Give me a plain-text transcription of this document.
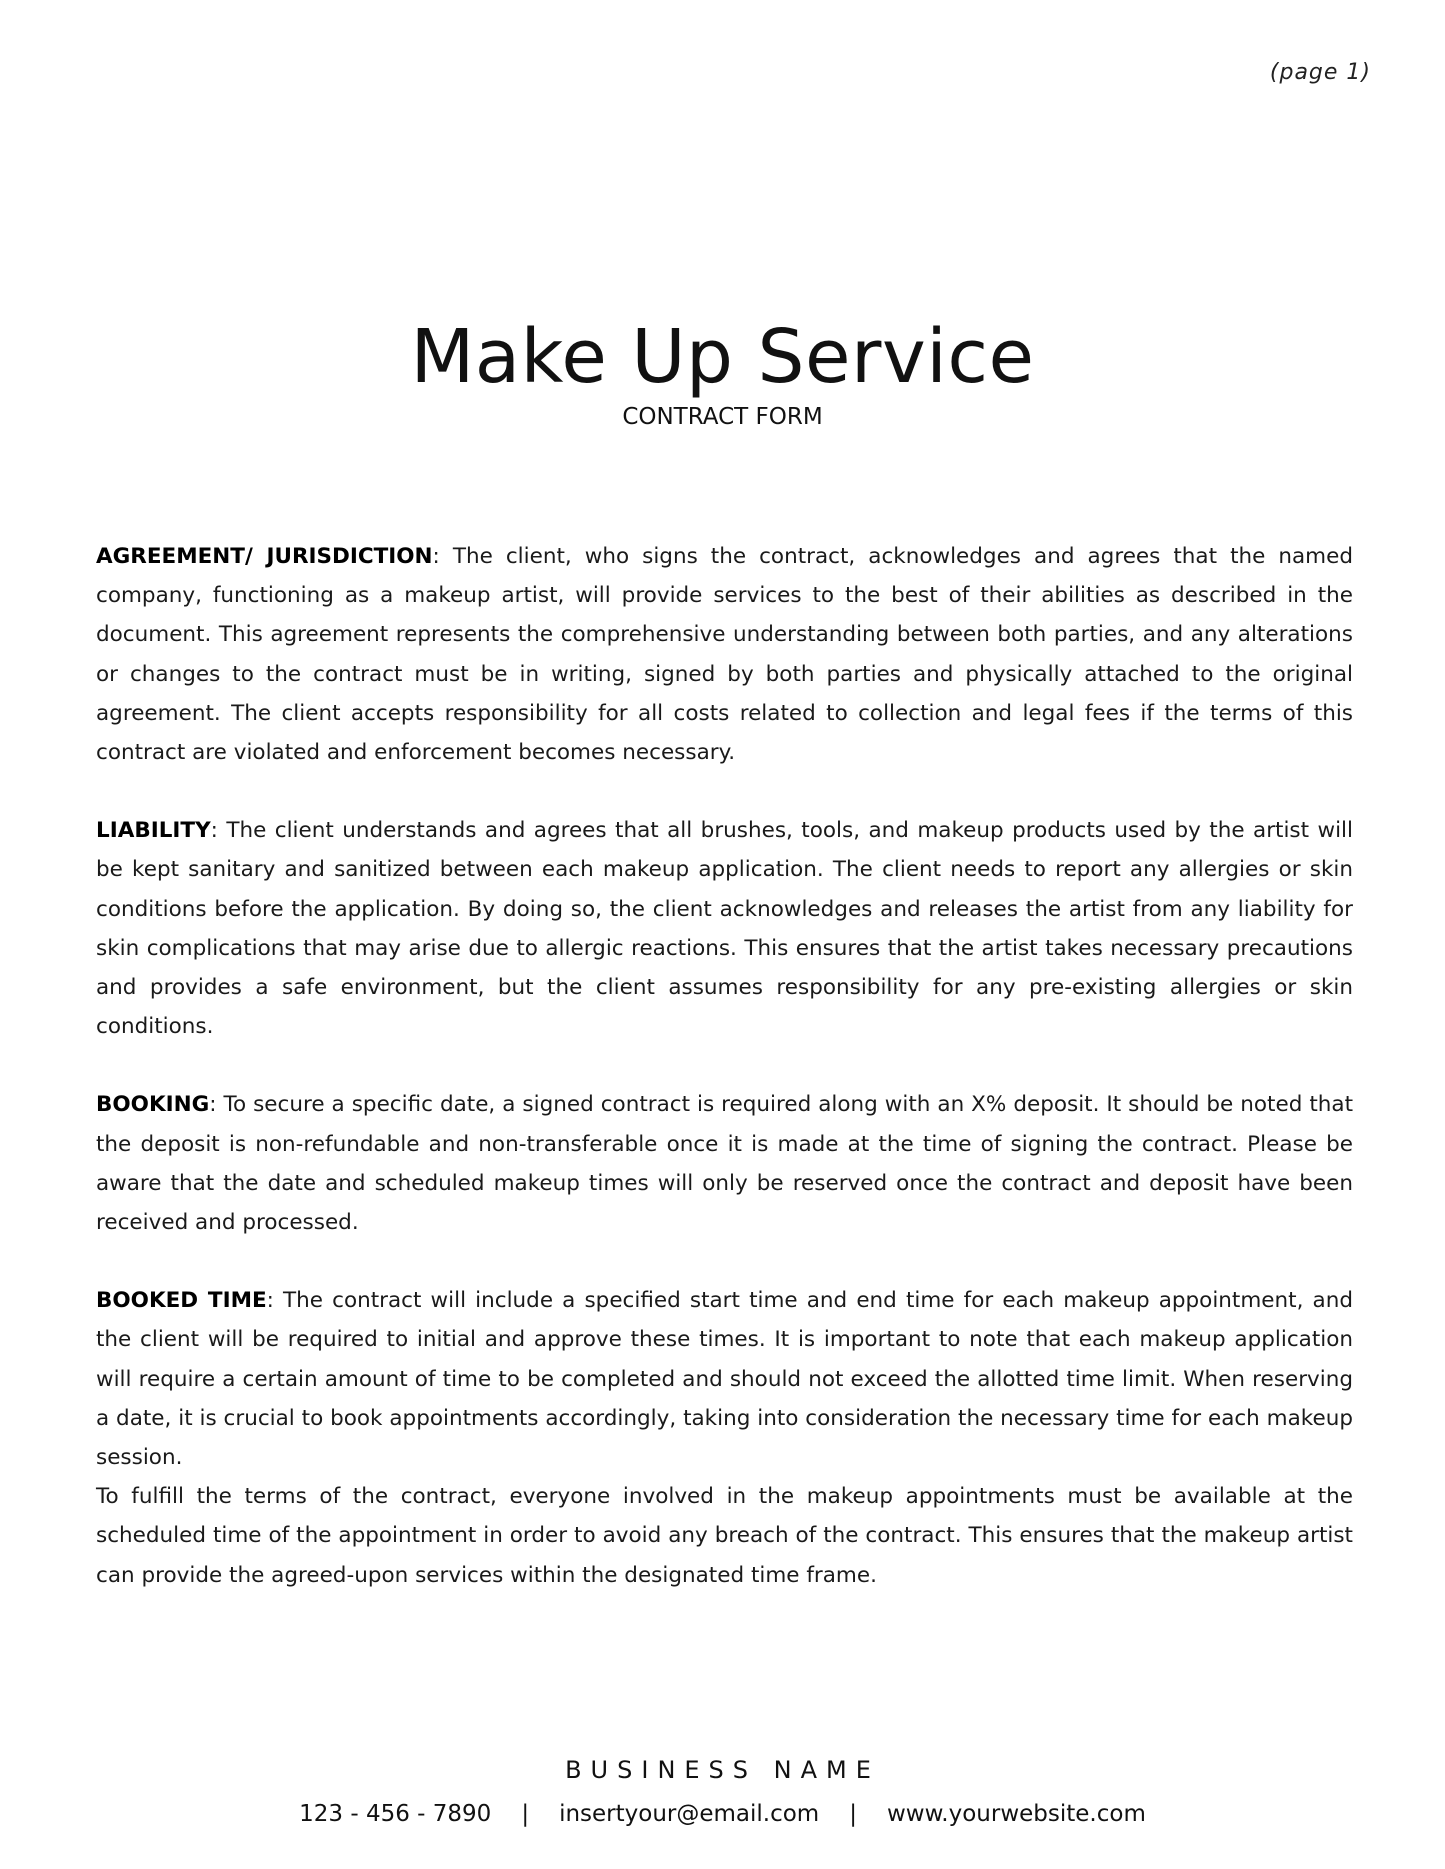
(page 1)
Make Up Service
CONTRACT FORM

AGREEMENT/ JURISDICTION: The client, who signs the contract, acknowledges and agrees that the named company, functioning as a makeup artist, will provide services to the best of their abilities as described in the document. This agreement represents the comprehensive understanding between both parties, and any alterations or changes to the contract must be in writing, signed by both parties and physically attached to the original agreement. The client accepts responsibility for all costs related to collection and legal fees if the terms of this contract are violated and enforcement becomes necessary.

LIABILITY: The client understands and agrees that all brushes, tools, and makeup products used by the artist will be kept sanitary and sanitized between each makeup application. The client needs to report any allergies or skin conditions before the application. By doing so, the client acknowledges and releases the artist from any liability for skin complications that may arise due to allergic reactions. This ensures that the artist takes necessary precautions and provides a safe environment, but the client assumes responsibility for any pre-existing allergies or skin conditions.

BOOKING: To secure a specific date, a signed contract is required along with an X% deposit. It should be noted that the deposit is non-refundable and non-transferable once it is made at the time of signing the contract. Please be aware that the date and scheduled makeup times will only be reserved once the contract and deposit have been received and processed.

BOOKED TIME: The contract will include a specified start time and end time for each makeup appointment, and the client will be required to initial and approve these times. It is important to note that each makeup application will require a certain amount of time to be completed and should not exceed the allotted time limit. When reserving a date, it is crucial to book appointments accordingly, taking into consideration the necessary time for each makeup session.

To fulfill the terms of the contract, everyone involved in the makeup appointments must be available at the scheduled time of the appointment in order to avoid any breach of the contract. This ensures that the makeup artist can provide the agreed-upon services within the designated time frame.

BUSINESS NAME
123 - 456 - 7890	|	insertyour@email.com	|	www.yourwebsite.com
